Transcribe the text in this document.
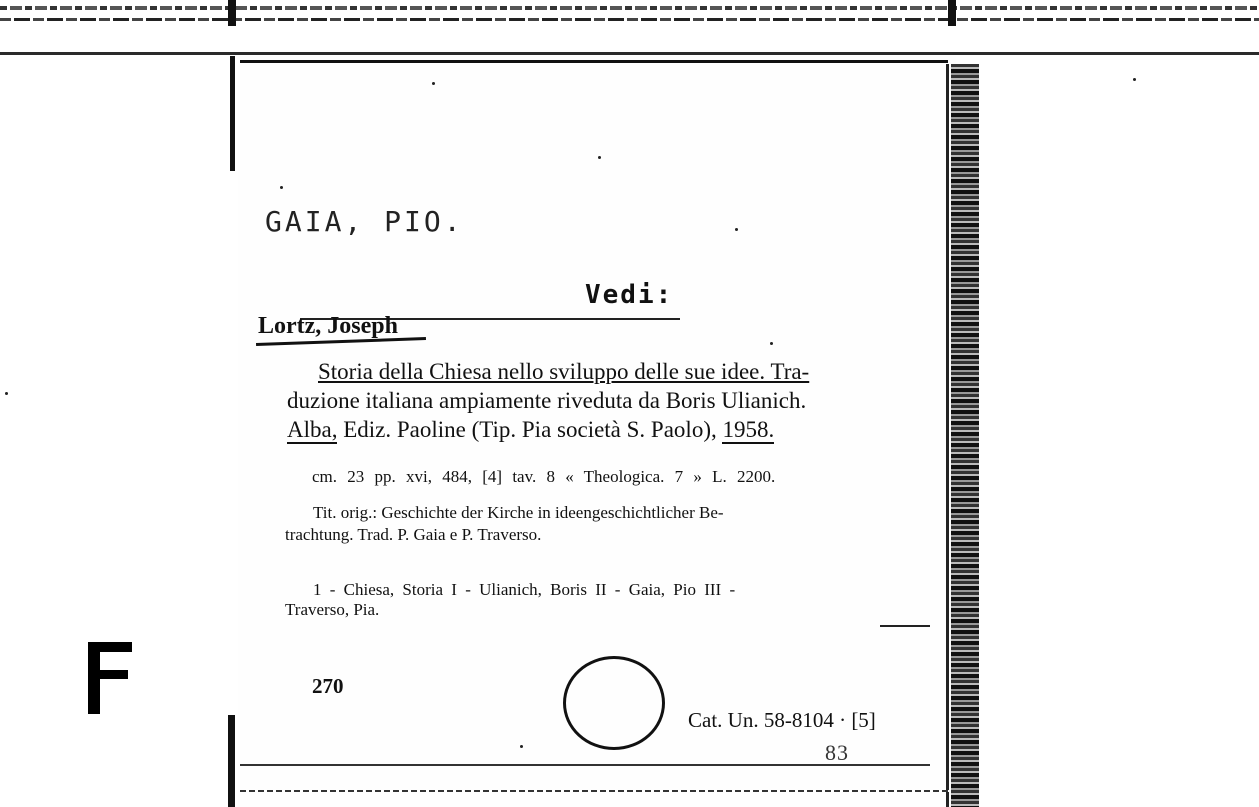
GAIA, PIO.
Vedi:
Lortz, Joseph
Storia della Chiesa nello sviluppo delle sue idee. Tra-
duzione italiana ampiamente riveduta da Boris Ulianich.
Alba, Ediz. Paoline (Tip. Pia società S. Paolo), 1958.
cm. 23 pp. xvi, 484, [4] tav. 8 « Theologica. 7 » L. 2200.
Tit. orig.: Geschichte der Kirche in ideengeschichtlicher Be-
trachtung. Trad. P. Gaia e P. Traverso.
1 - Chiesa, Storia I - Ulianich, Boris II - Gaia, Pio III -
Traverso, Pia.
270
Cat. Un. 58-8104 · [5]
83
